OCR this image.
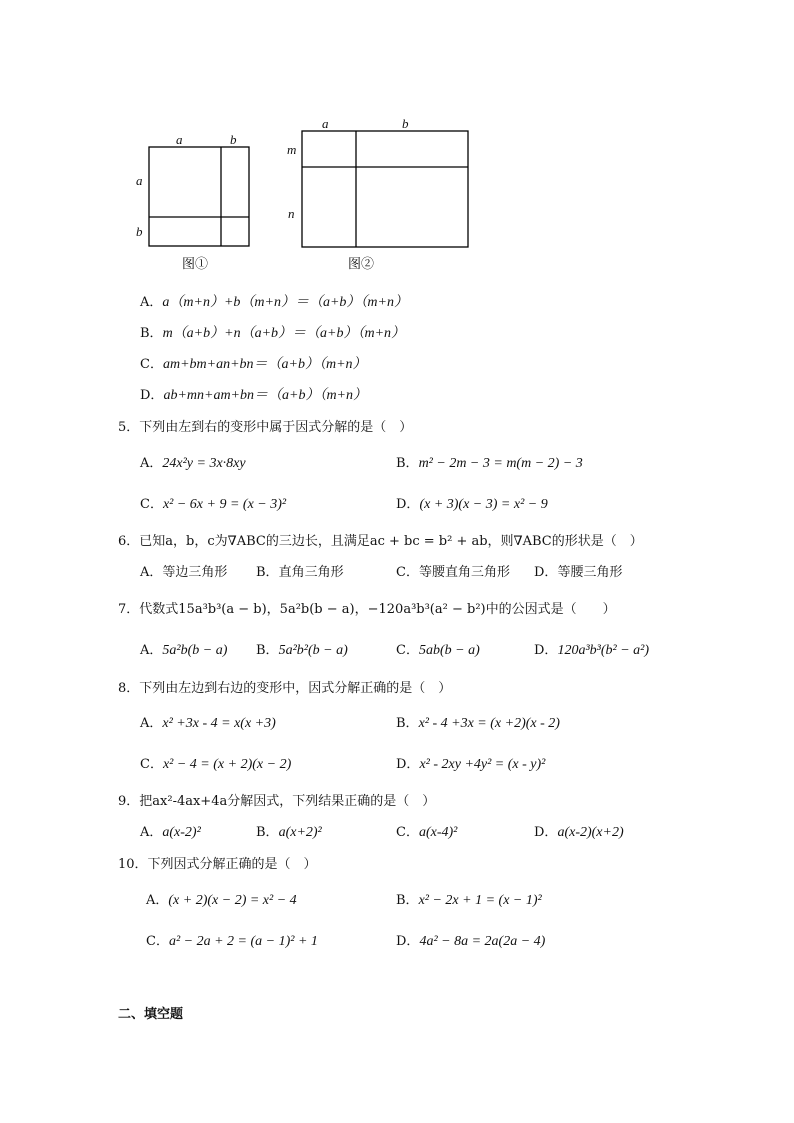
a	b
a
b
图①
a	b
m
n
图②
A．a（m+n）+b（m+n）＝（a+b）（m+n）
B．m（a+b）+n（a+b）＝（a+b）（m+n）
C．am+bm+an+bn＝（a+b）（m+n）
D．ab+mn+am+bn＝（a+b）（m+n）
5．下列由左到右的变形中属于因式分解的是（　）
A．24x²y = 3x·8xy	B．m² − 2m − 3 = m(m − 2) − 3
C．x² − 6x + 9 = (x − 3)²	D．(x + 3)(x − 3) = x² − 9
6．已知a，b，c为∇ABC的三边长，且满足ac + bc = b² + ab，则∇ABC的形状是（　）
A．等边三角形 B．直角三角形	C．等腰直角三角形 D．等腰三角形
7．代数式15a³b³(a − b)，5a²b(b − a)，−120a³b³(a² − b²)中的公因式是（　　）
A．5a²b(b − a) B．5a²b²(b − a)	C．5ab(b − a)	D．120a³b³(b² − a²)
8．下列由左边到右边的变形中，因式分解正确的是（　）
A．x² +3x - 4 = x(x +3)	B．x² - 4 +3x = (x +2)(x - 2)
C．x² − 4 = (x + 2)(x − 2)	D．x² - 2xy +4y² = (x - y)²
9．把ax²-4ax+4a分解因式，下列结果正确的是（　）
A．a(x-2)²	B．a(x+2)²	C．a(x-4)²	D．a(x-2)(x+2)
10．下列因式分解正确的是（　）
A．(x + 2)(x − 2) = x² − 4	B．x² − 2x + 1 = (x − 1)²
C．a² − 2a + 2 = (a − 1)² + 1	D．4a² − 8a = 2a(2a − 4)
二、填空题
